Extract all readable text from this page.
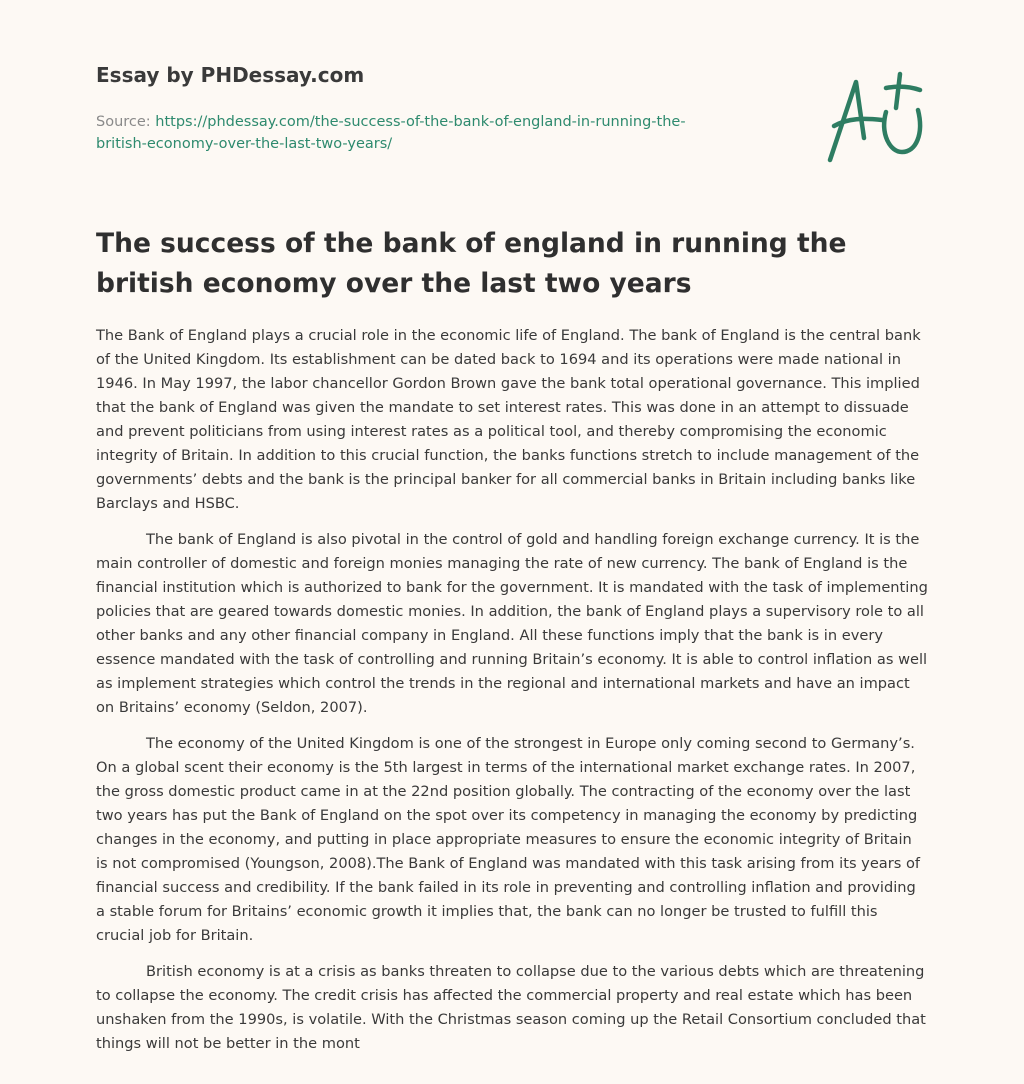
Essay by PHDessay.com
Source: https://phdessay.com/the-success-of-the-bank-of-england-in-running-the-
british-economy-over-the-last-two-years/
The success of the bank of england in running the british economy over the last two years

The Bank of England plays a crucial role in the economic life of England. The bank of England is the central bank of the United Kingdom. Its establishment can be dated back to 1694 and its operations were made national in 1946. In May 1997, the labor chancellor Gordon Brown gave the bank total operational governance. This implied that the bank of England was given the mandate to set interest rates. This was done in an attempt to dissuade and prevent politicians from using interest rates as a political tool, and thereby compromising the economic integrity of Britain. In addition to this crucial function, the banks functions stretch to include management of the governments’ debts and the bank is the principal banker for all commercial banks in Britain including banks like Barclays and HSBC.

The bank of England is also pivotal in the control of gold and handling foreign exchange currency. It is the main controller of domestic and foreign monies managing the rate of new currency. The bank of England is the financial institution which is authorized to bank for the government. It is mandated with the task of implementing policies that are geared towards domestic monies. In addition, the bank of England plays a supervisory role to all other banks and any other financial company in England. All these functions imply that the bank is in every essence mandated with the task of controlling and running Britain’s economy. It is able to control inflation as well as implement strategies which control the trends in the regional and international markets and have an impact on Britains’ economy (Seldon, 2007).

The economy of the United Kingdom is one of the strongest in Europe only coming second to Germany’s. On a global scent their economy is the 5th largest in terms of the international market exchange rates. In 2007, the gross domestic product came in at the 22nd position globally. The contracting of the economy over the last two years has put the Bank of England on the spot over its competency in managing the economy by predicting changes in the economy, and putting in place appropriate measures to ensure the economic integrity of Britain is not compromised (Youngson, 2008).The Bank of England was mandated with this task arising from its years of financial success and credibility. If the bank failed in its role in preventing and controlling inflation and providing a stable forum for Britains’ economic growth it implies that, the bank can no longer be trusted to fulfill this crucial job for Britain.

British economy is at a crisis as banks threaten to collapse due to the various debts which are threatening to collapse the economy. The credit crisis has affected the commercial property and real estate which has been unshaken from the 1990s, is volatile. With the Christmas season coming up the Retail Consortium concluded that things will not be better in the mont
